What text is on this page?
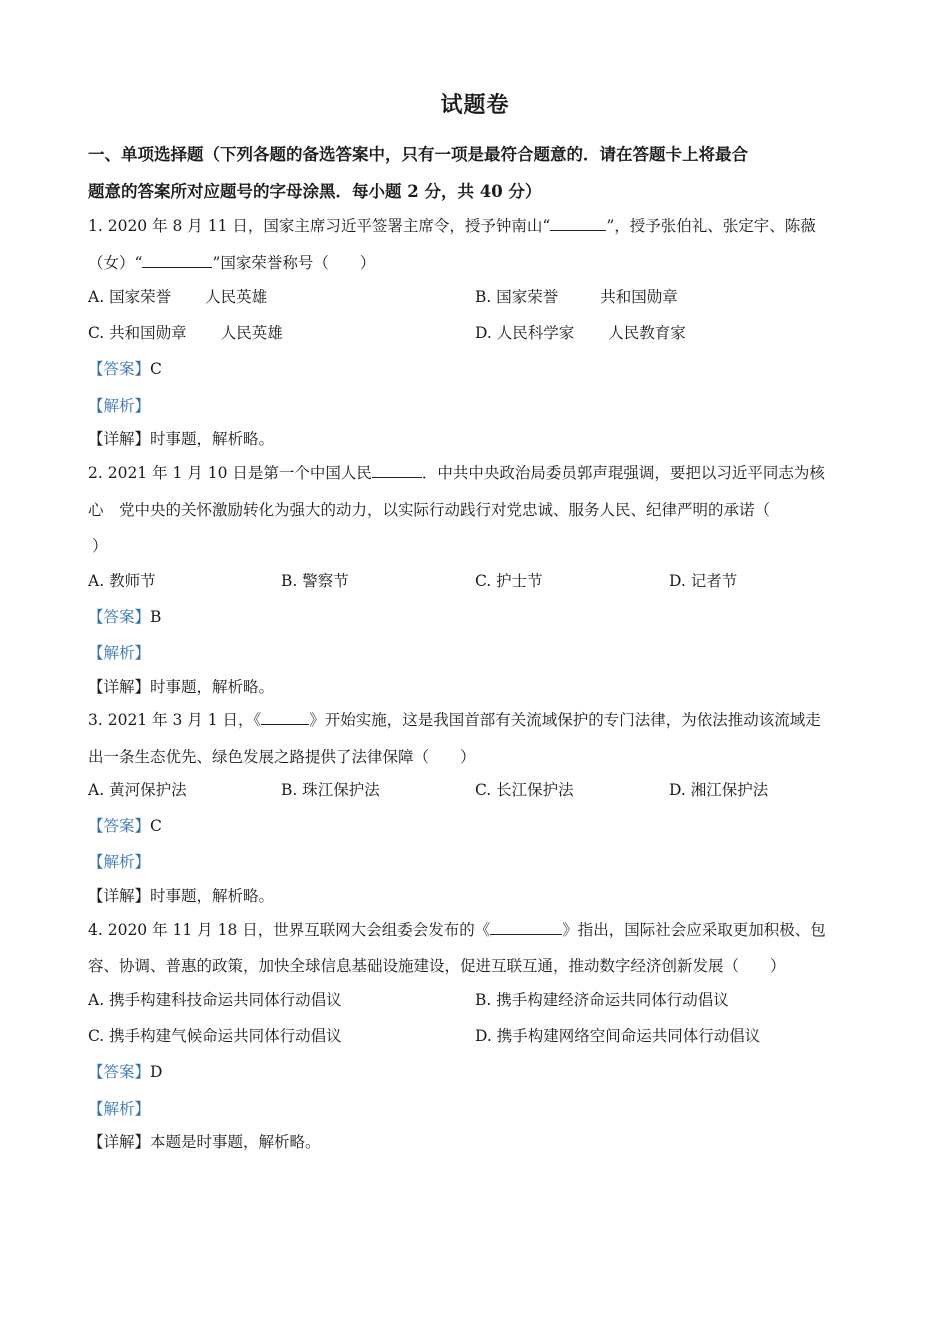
试题卷
一、单项选择题（下列各题的备选答案中，只有一项是最符合题意的．请在答题卡上将最合
题意的答案所对应题号的字母涂黑．每小题 2 分，共 40 分）
1. 2020 年 8 月 11 日，国家主席习近平签署主席令，授予钟南山“	”，授予张伯礼、张定宇、陈薇
（女）“	”国家荣誉称号（　　）
A. 国家荣誉 人民英雄	B. 国家荣誉	共和国勋章
C. 共和国勋章 人民英雄	D. 人民科学家 人民教育家
【答案】C
【解析】
【详解】时事题，解析略。
2. 2021 年 1 月 10 日是第一个中国人民	．中共中央政治局委员郭声琨强调，要把以习近平同志为核
心　党中央的关怀激励转化为强大的动力，以实际行动践行对党忠诚、服务人民、纪律严明的承诺（
）
A. 教师节	B. 警察节	C. 护士节	D. 记者节
【答案】B
【解析】
【详解】时事题，解析略。
3. 2021 年 3 月 1 日，《	》开始实施，这是我国首部有关流域保护的专门法律，为依法推动该流域走
出一条生态优先、绿色发展之路提供了法律保障（　　）
A. 黄河保护法	B. 珠江保护法	C. 长江保护法	D. 湘江保护法
【答案】C
【解析】
【详解】时事题，解析略。
4. 2020 年 11 月 18 日，世界互联网大会组委会发布的《	》指出，国际社会应采取更加积极、包
容、协调、普惠的政策，加快全球信息基础设施建设，促进互联互通，推动数字经济创新发展（　　）
A. 携手构建科技命运共同体行动倡议	B. 携手构建经济命运共同体行动倡议
C. 携手构建气候命运共同体行动倡议	D. 携手构建网络空间命运共同体行动倡议
【答案】D
【解析】
【详解】本题是时事题，解析略。
